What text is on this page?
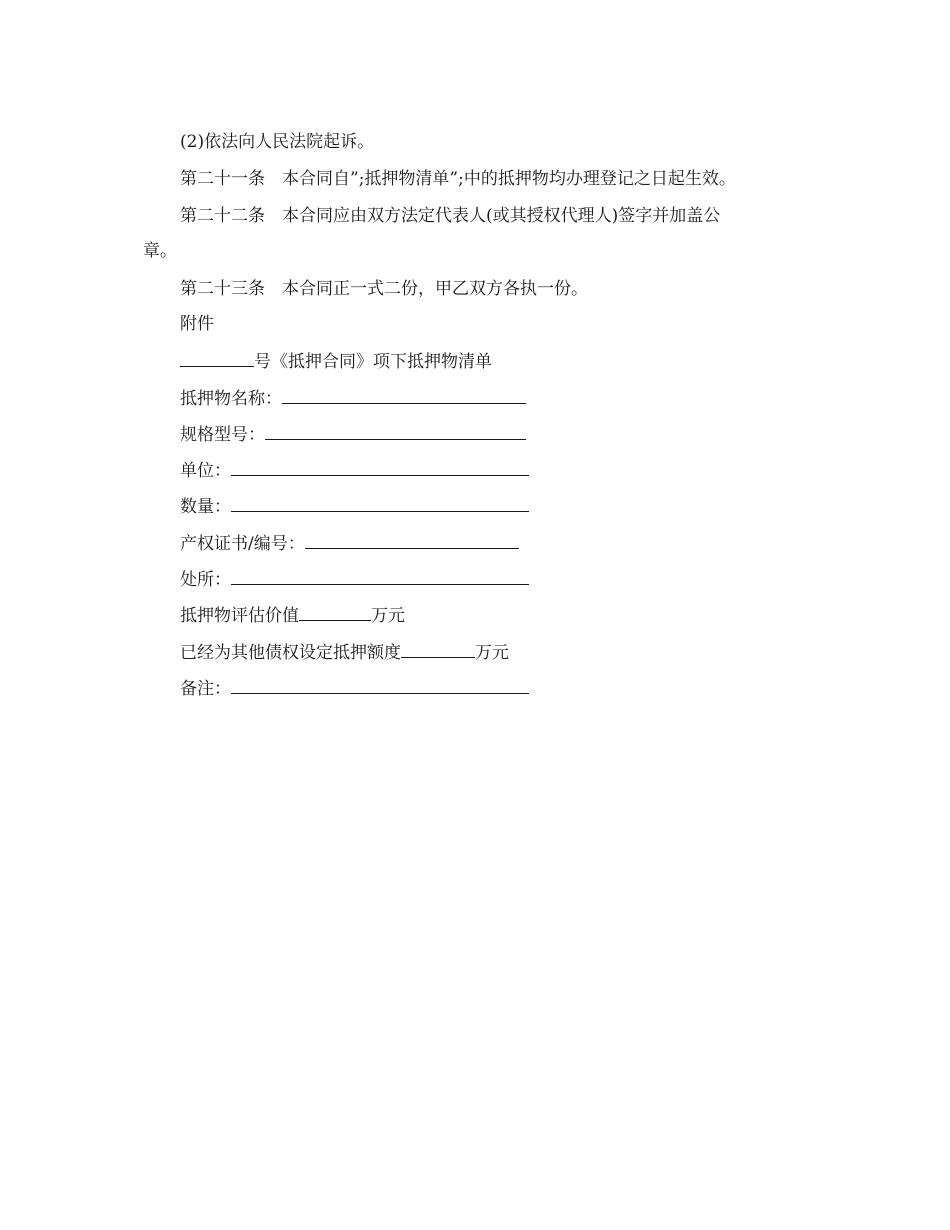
(2)依法向人民法院起诉。
第二十一条　本合同自”;抵押物清单”;中的抵押物均办理登记之日起生效。
第二十二条　本合同应由双方法定代表人(或其授权代理人)签字并加盖公
章。
第二十三条　本合同正一式二份，甲乙双方各执一份。
附件
号《抵押合同》项下抵押物清单
抵押物名称：
规格型号：
单位：
数量：
产权证书/编号：
处所：
抵押物评估价值	万元
已经为其他债权设定抵押额度	万元
备注：
